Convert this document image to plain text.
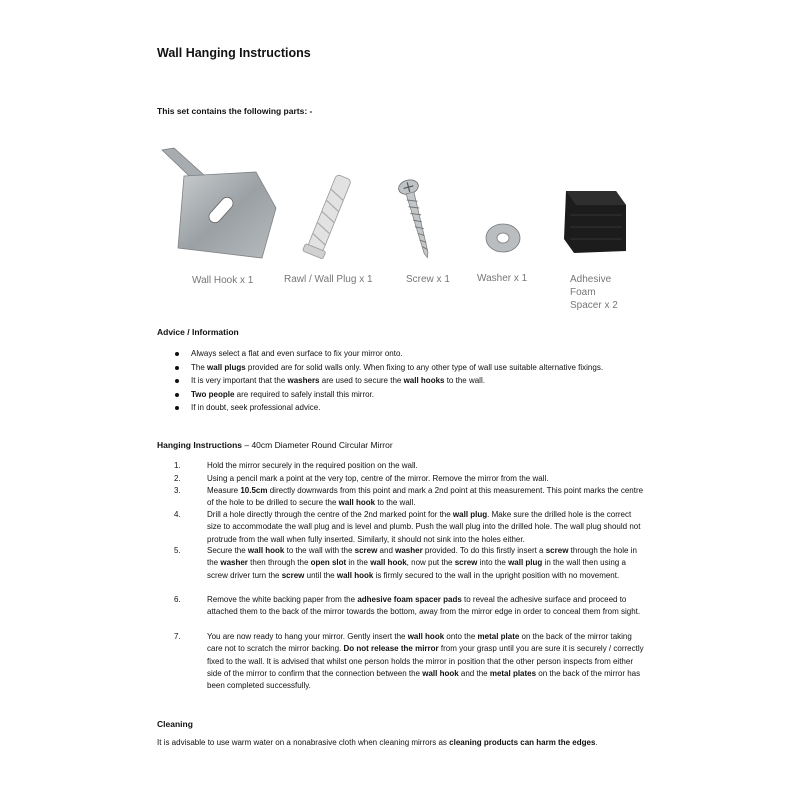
Wall Hanging Instructions
This set contains the following parts: -
Wall Hook x 1	Rawl / Wall Plug x 1	Screw x 1	Washer x 1	Adhesive
Foam
Spacer x 2
Advice / Information
Always select a flat and even surface to fix your mirror onto.
The wall plugs provided are for solid walls only. When fixing to any other type of wall use suitable alternative fixings.
It is very important that the washers are used to secure the wall hooks to the wall.
Two people are required to safely install this mirror.
If in doubt, seek professional advice.
Hanging Instructions – 40cm Diameter Round Circular Mirror
1.	Hold the mirror securely in the required position on the wall.
2.	Using a pencil mark a point at the very top, centre of the mirror. Remove the mirror from the wall.
3.	Measure 10.5cm directly downwards from this point and mark a 2nd point at this measurement. This point marks the centre of the hole to be drilled to secure the wall hook to the wall.
4.	Drill a hole directly through the centre of the 2nd marked point for the wall plug. Make sure the drilled hole is the correct size to accommodate the wall plug and is level and plumb. Push the wall plug into the drilled hole. The wall plug should not protrude from the wall when fully inserted. Similarly, it should not sink into the holes either.
5.	Secure the wall hook to the wall with the screw and washer provided. To do this firstly insert a screw through the hole in the washer then through the open slot in the wall hook, now put the screw into the wall plug in the wall then using a screw driver turn the screw until the wall hook is firmly secured to the wall in the upright position with no movement.
6.	Remove the white backing paper from the adhesive foam spacer pads to reveal the adhesive surface and proceed to attached them to the back of the mirror towards the bottom, away from the mirror edge in order to conceal them from sight.
7.	You are now ready to hang your mirror. Gently insert the wall hook onto the metal plate on the back of the mirror taking care not to scratch the mirror backing. Do not release the mirror from your grasp until you are sure it is securely / correctly fixed to the wall. It is advised that whilst one person holds the mirror in position that the other person inspects from either side of the mirror to confirm that the connection between the wall hook and the metal plates on the back of the mirror has been completed successfully.
Cleaning
It is advisable to use warm water on a nonabrasive cloth when cleaning mirrors as cleaning products can harm the edges.
